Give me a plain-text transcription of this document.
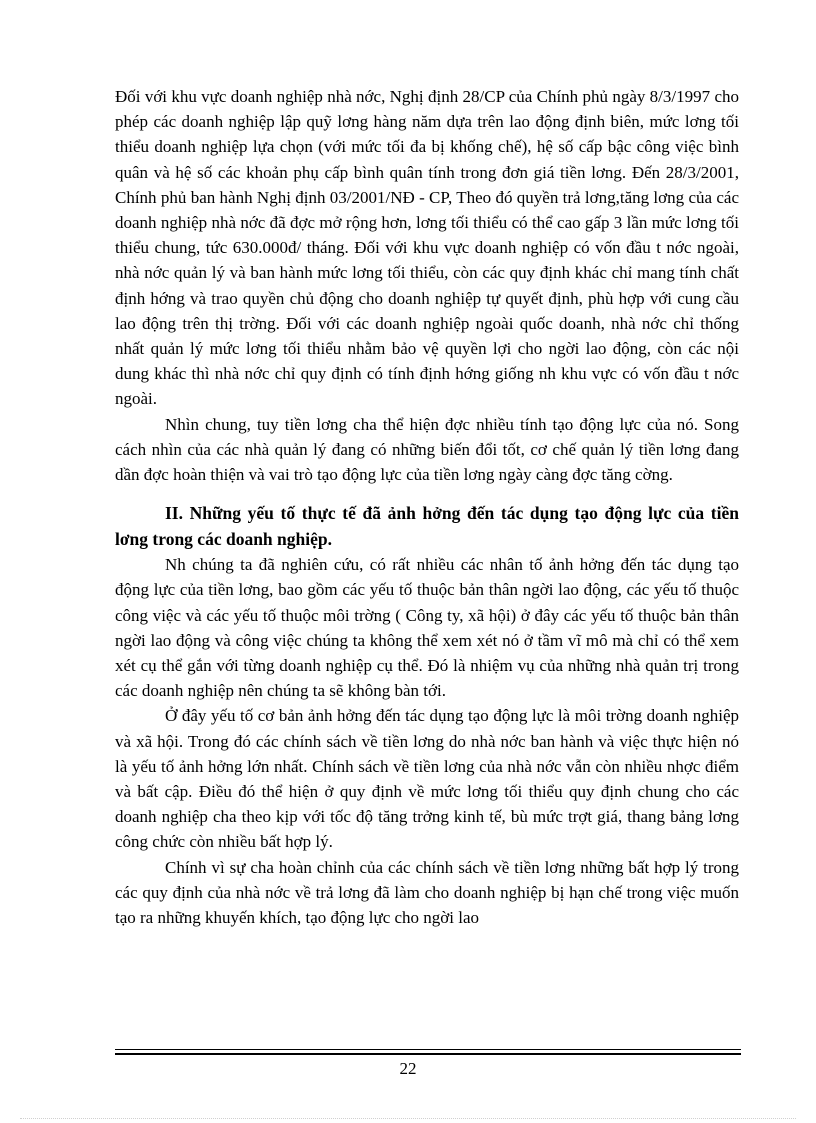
Đối với khu vực doanh nghiệp nhà nớc, Nghị định 28/CP của Chính phủ ngày 8/3/1997 cho phép các doanh nghiệp lập quỹ lơng hàng năm dựa trên lao động định biên, mức lơng tối thiểu doanh nghiệp lựa chọn (với mức tối đa bị khống chế), hệ số cấp bậc công việc bình quân và hệ số các khoản phụ cấp bình quân tính trong đơn giá tiền lơng. Đến 28/3/2001, Chính phủ ban hành Nghị định 03/2001/NĐ - CP, Theo đó quyền trả lơng,tăng lơng của các doanh nghiệp nhà nớc đã đợc mở rộng hơn, lơng tối thiểu có thể cao gấp 3 lần mức lơng tối thiểu chung, tức 630.000đ/ tháng. Đối với khu vực doanh nghiệp có vốn đầu t nớc ngoài, nhà nớc quản lý và ban hành mức lơng tối thiểu, còn các quy định khác chỉ mang tính chất định hớng và trao quyền chủ động cho doanh nghiệp tự quyết định, phù hợp với cung cầu lao động trên thị trờng. Đối với các doanh nghiệp ngoài quốc doanh, nhà nớc chỉ thống nhất quản lý mức lơng tối thiểu nhằm bảo vệ quyền lợi cho ngời lao động, còn các nội dung khác thì nhà nớc chỉ quy định có tính định hớng giống nh khu vực có vốn đầu t nớc ngoài.

Nhìn chung, tuy tiền lơng cha thể hiện đợc nhiều tính tạo động lực của nó. Song cách nhìn của các nhà quản lý đang có những biến đổi tốt, cơ chế quản lý tiền lơng đang dần đợc hoàn thiện và vai trò tạo động lực của tiền lơng ngày càng đợc tăng cờng.

II. Những yếu tố thực tế đã ảnh hởng đến tác dụng tạo động lực của tiền lơng trong các doanh nghiệp.

Nh chúng ta đã nghiên cứu, có rất nhiều các nhân tố ảnh hởng đến tác dụng tạo động lực của tiền lơng, bao gồm các yếu tố thuộc bản thân ngời lao động, các yếu tố thuộc công việc và các yếu tố thuộc môi trờng ( Công ty, xã hội) ở đây các yếu tố thuộc bản thân ngời lao động và công việc chúng ta không thể xem xét nó ở tầm vĩ mô mà chỉ có thể xem xét cụ thể gắn với từng doanh nghiệp cụ thể. Đó là nhiệm vụ của những nhà quản trị trong các doanh nghiệp nên chúng ta sẽ không bàn tới.

Ở đây yếu tố cơ bản ảnh hởng đến tác dụng tạo động lực là môi trờng doanh nghiệp và xã hội. Trong đó các chính sách về tiền lơng do nhà nớc ban hành và việc thực hiện nó là yếu tố ảnh hởng lớn nhất. Chính sách về tiền lơng của nhà nớc vẫn còn nhiều nhợc điểm và bất cập. Điều đó thể hiện ở quy định về mức lơng tối thiểu quy định chung cho các doanh nghiệp cha theo kịp với tốc độ tăng trởng kinh tế, bù mức trợt giá, thang bảng lơng công chức còn nhiều bất hợp lý.

Chính vì sự cha hoàn chỉnh của các chính sách về tiền lơng những bất hợp lý trong các quy định của nhà nớc về trả lơng đã làm cho doanh nghiệp bị hạn chế trong việc muốn tạo ra những khuyến khích, tạo động lực cho ngời lao

22
